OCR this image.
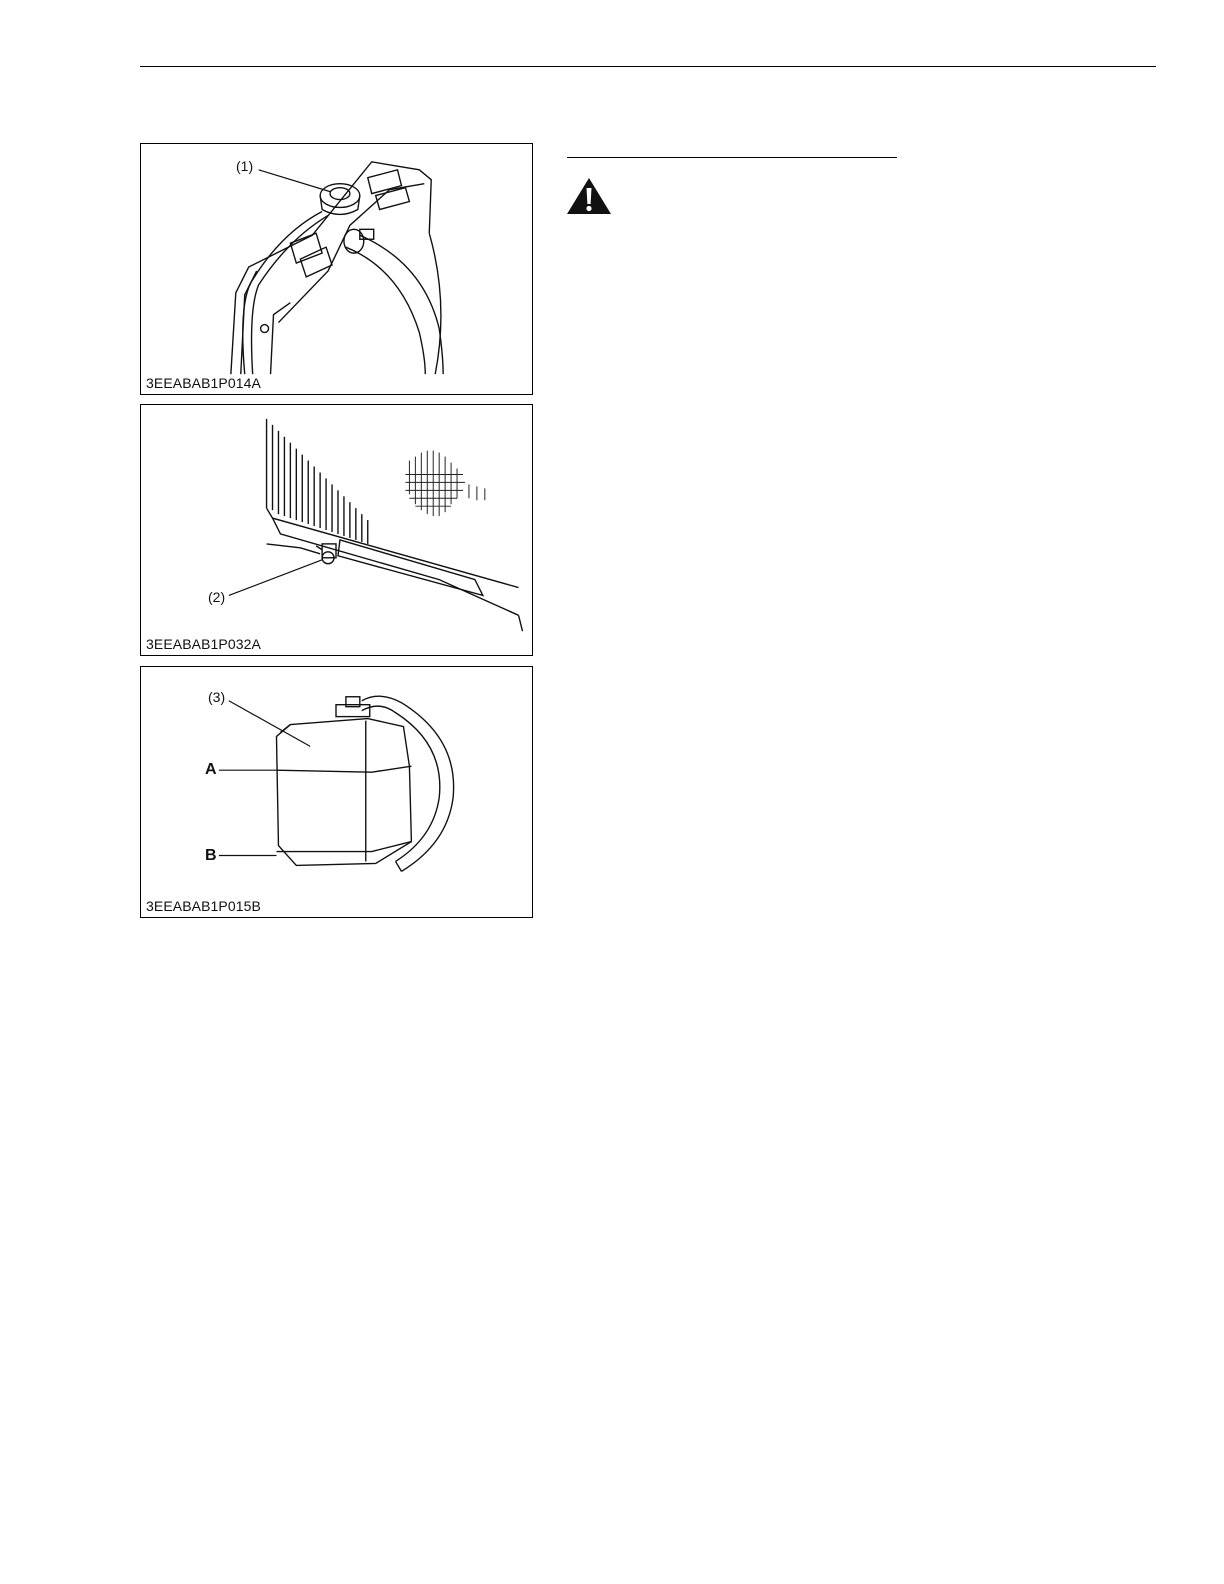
(1)
3EEABAB1P014A
(2)
3EEABAB1P032A
(3)
A
B
3EEABAB1P015B
